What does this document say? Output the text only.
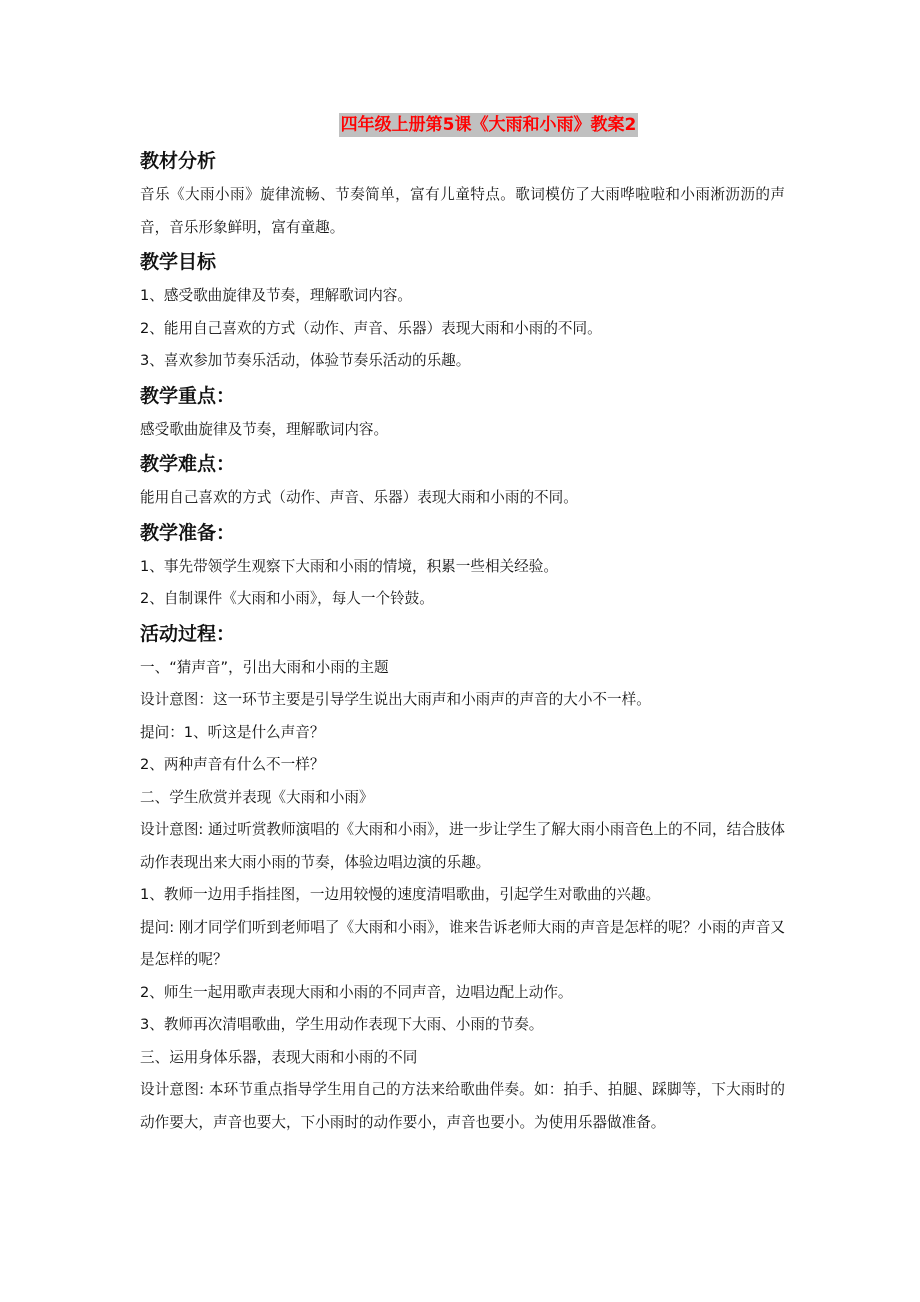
四年级上册第5课《大雨和小雨》教案2
教材分析

音乐《大雨小雨》旋律流畅、节奏简单，富有儿童特点。歌词模仿了大雨哗啦啦和小雨淅沥沥的声音，音乐形象鲜明，富有童趣。

教学目标

1、感受歌曲旋律及节奏，理解歌词内容。

2、能用自己喜欢的方式（动作、声音、乐器）表现大雨和小雨的不同。

3、喜欢参加节奏乐活动，体验节奏乐活动的乐趣。

教学重点：

感受歌曲旋律及节奏，理解歌词内容。

教学难点：

能用自己喜欢的方式（动作、声音、乐器）表现大雨和小雨的不同。

教学准备：

1、事先带领学生观察下大雨和小雨的情境，积累一些相关经验。

2、自制课件《大雨和小雨》，每人一个铃鼓。

活动过程：

一、“猜声音”，引出大雨和小雨的主题

设计意图：这一环节主要是引导学生说出大雨声和小雨声的声音的大小不一样。

提问：1、听这是什么声音？

2、两种声音有什么不一样？

二、学生欣赏并表现《大雨和小雨》

设计意图: 通过听赏教师演唱的《大雨和小雨》，进一步让学生了解大雨小雨音色上的不同，结合肢体动作表现出来大雨小雨的节奏，体验边唱边演的乐趣。

1、教师一边用手指挂图，一边用较慢的速度清唱歌曲，引起学生对歌曲的兴趣。

提问: 刚才同学们听到老师唱了《大雨和小雨》，谁来告诉老师大雨的声音是怎样的呢？小雨的声音又是怎样的呢？

2、师生一起用歌声表现大雨和小雨的不同声音，边唱边配上动作。

3、教师再次清唱歌曲，学生用动作表现下大雨、小雨的节奏。

三、运用身体乐器，表现大雨和小雨的不同

设计意图: 本环节重点指导学生用自己的方法来给歌曲伴奏。如：拍手、拍腿、踩脚等，下大雨时的动作要大，声音也要大，下小雨时的动作要小，声音也要小。为使用乐器做准备。
